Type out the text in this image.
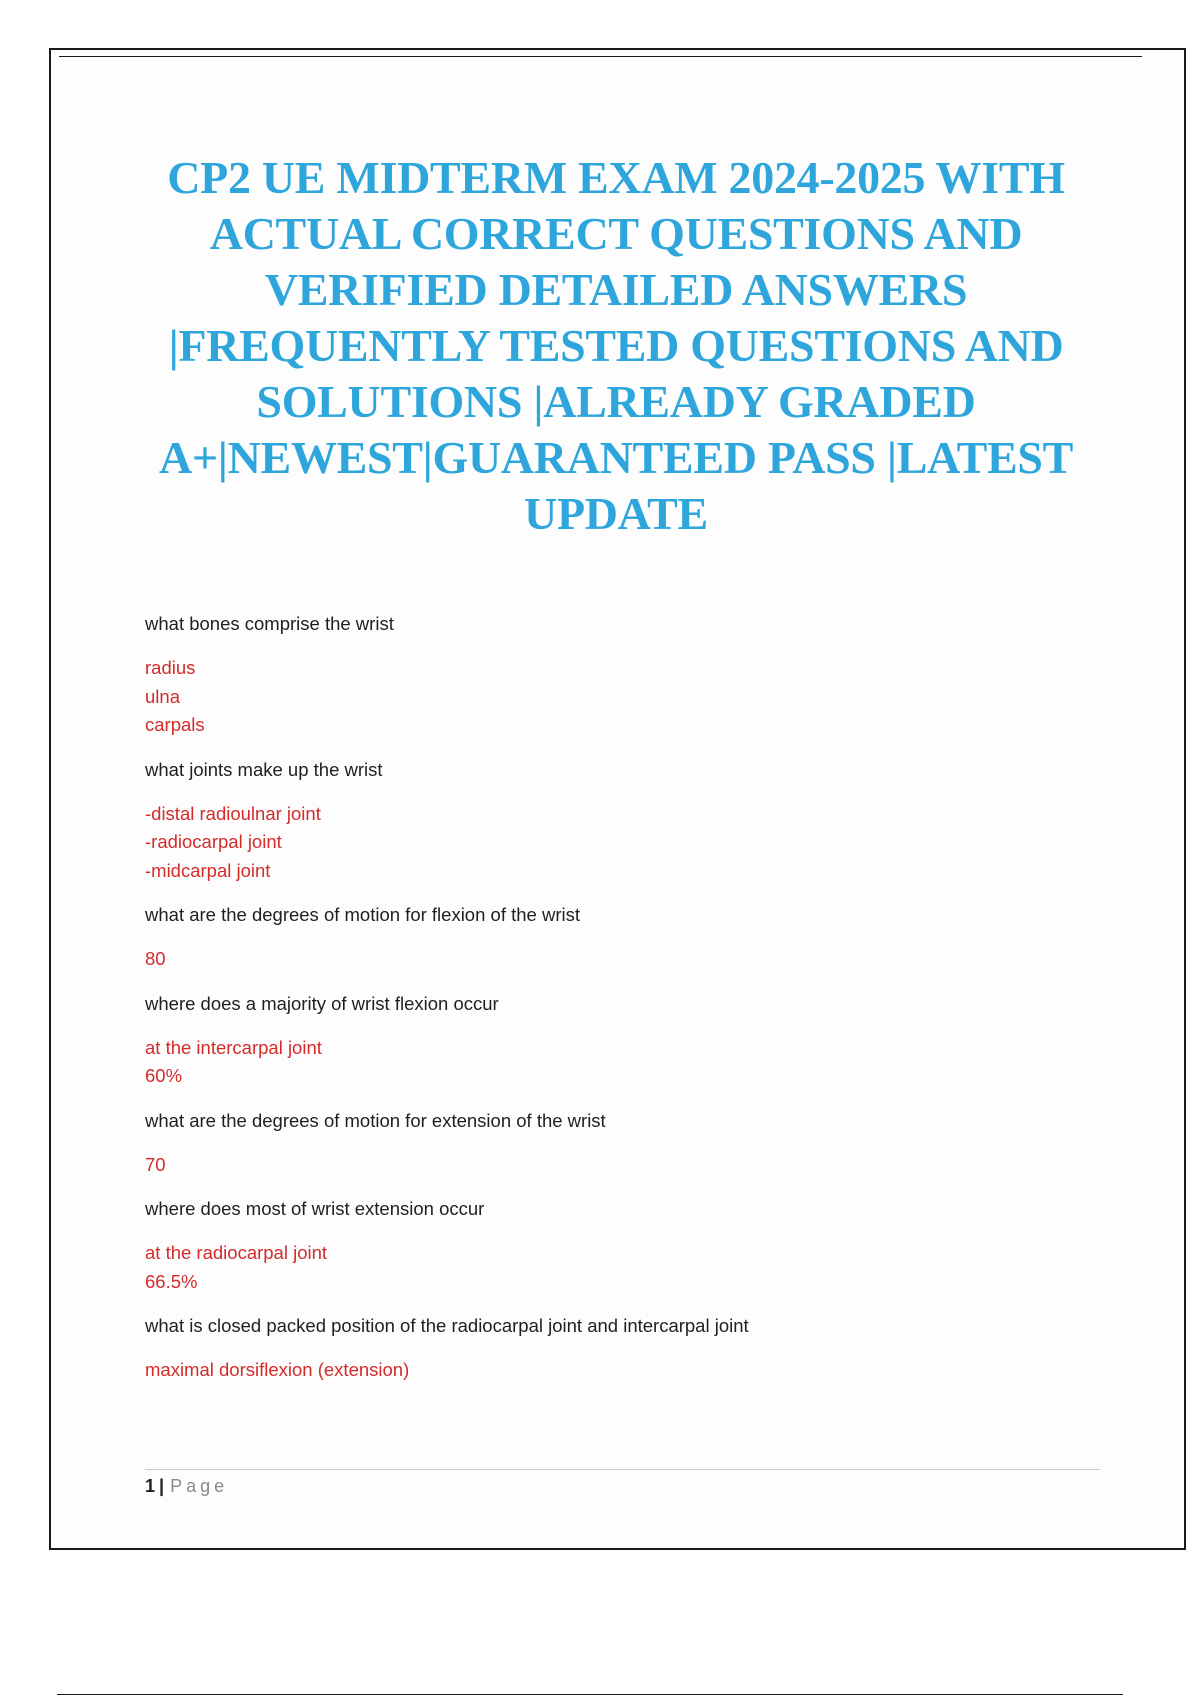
CP2 UE MIDTERM EXAM 2024-2025 WITH
ACTUAL CORRECT QUESTIONS AND
VERIFIED DETAILED ANSWERS
|FREQUENTLY TESTED QUESTIONS AND
SOLUTIONS |ALREADY GRADED
A+|NEWEST|GUARANTEED PASS |LATEST
UPDATE
what bones comprise the wrist
radius
ulna
carpals
what joints make up the wrist
-distal radioulnar joint
-radiocarpal joint
-midcarpal joint
what are the degrees of motion for flexion of the wrist
80
where does a majority of wrist flexion occur
at the intercarpal joint
60%
what are the degrees of motion for extension of the wrist
70
where does most of wrist extension occur
at the radiocarpal joint
66.5%
what is closed packed position of the radiocarpal joint and intercarpal joint
maximal dorsiflexion (extension)
1 | Page
